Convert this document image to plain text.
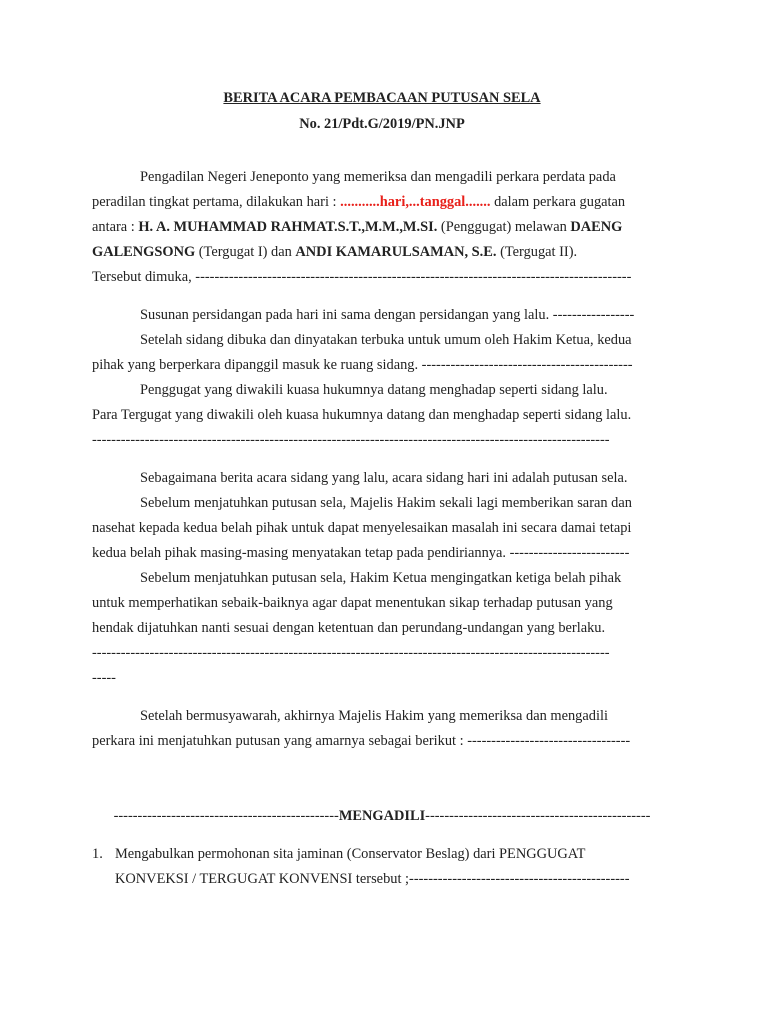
BERITA ACARA PEMBACAAN PUTUSAN SELA
No. 21/Pdt.G/2019/PN.JNP
Pengadilan Negeri Jeneponto yang memeriksa dan mengadili perkara perdata pada
peradilan tingkat pertama, dilakukan hari : ...........hari,...tanggal....... dalam perkara gugatan
antara : H. A. MUHAMMAD RAHMAT.S.T.,M.M.,M.SI. (Penggugat) melawan DAENG
GALENGSONG (Tergugat I) dan ANDI KAMARULSAMAN, S.E. (Tergugat II).
Tersebut dimuka, -------------------------------------------------------------------------------------------
Susunan persidangan pada hari ini sama dengan persidangan yang lalu. -----------------
Setelah sidang dibuka dan dinyatakan terbuka untuk umum oleh Hakim Ketua, kedua
pihak yang berperkara dipanggil masuk ke ruang sidang. --------------------------------------------
Penggugat yang diwakili kuasa hukumnya datang menghadap seperti sidang lalu.
Para Tergugat yang diwakili oleh kuasa hukumnya datang dan menghadap seperti sidang lalu.
------------------------------------------------------------------------------------------------------------
Sebagaimana berita acara sidang yang lalu, acara sidang hari ini adalah putusan sela.
Sebelum menjatuhkan putusan sela, Majelis Hakim sekali lagi memberikan saran dan
nasehat kepada kedua belah pihak untuk dapat menyelesaikan masalah ini secara damai tetapi
kedua belah pihak masing-masing menyatakan tetap pada pendiriannya. -------------------------
Sebelum menjatuhkan putusan sela, Hakim Ketua mengingatkan ketiga belah pihak
untuk memperhatikan sebaik-baiknya agar dapat menentukan sikap terhadap putusan yang
hendak dijatuhkan nanti sesuai dengan ketentuan dan perundang-undangan yang berlaku.
------------------------------------------------------------------------------------------------------------
-----
Setelah bermusyawarah, akhirnya Majelis Hakim yang memeriksa dan mengadili
perkara ini menjatuhkan putusan yang amarnya sebagai berikut : ----------------------------------
-----------------------------------------------MENGADILI-----------------------------------------------
1. Mengabulkan permohonan sita jaminan (Conservator Beslag) dari PENGGUGAT
KONVEKSI / TERGUGAT KONVENSI tersebut ;----------------------------------------------
